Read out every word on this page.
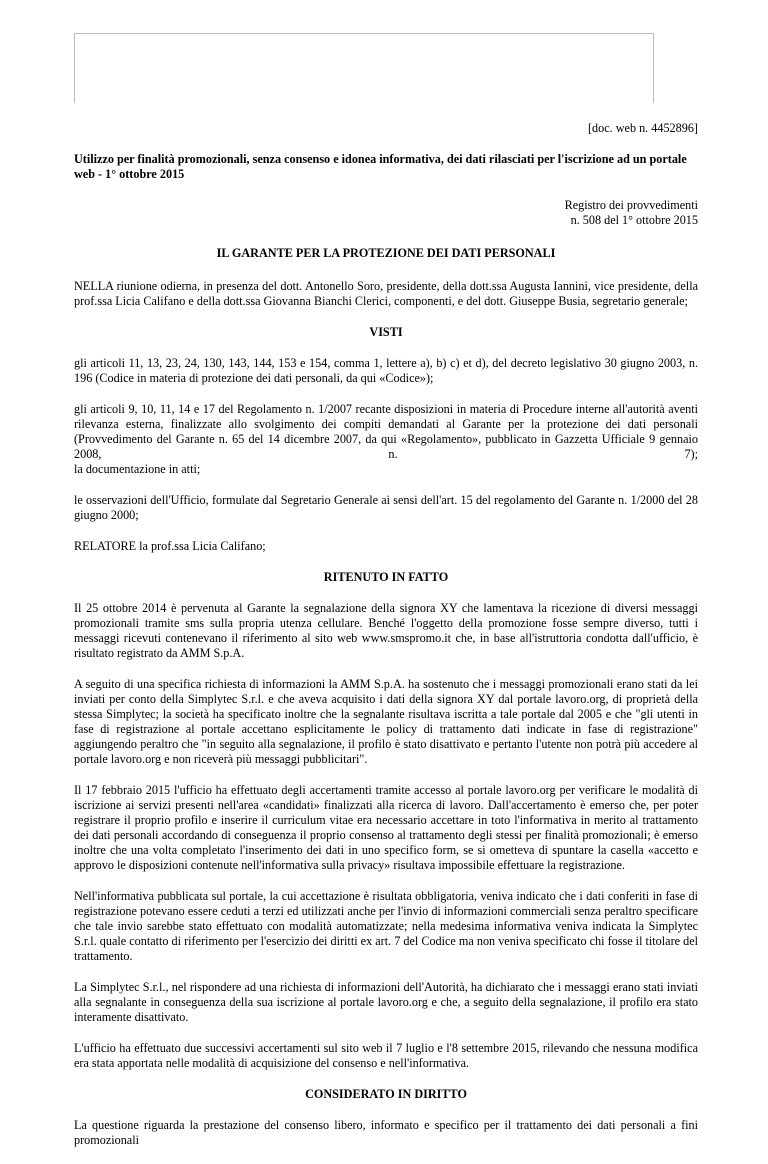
[doc. web n. 4452896]

Utilizzo per finalità promozionali, senza consenso e idonea informativa, dei dati rilasciati per l'iscrizione ad un portale web - 1° ottobre 2015

Registro dei provvedimenti

n. 508 del 1° ottobre 2015

IL GARANTE PER LA PROTEZIONE DEI DATI PERSONALI

NELLA riunione odierna, in presenza del dott. Antonello Soro, presidente, della dott.ssa Augusta Iannini, vice presidente, della prof.ssa Licia Califano e della dott.ssa Giovanna Bianchi Clerici, componenti, e del dott. Giuseppe Busia, segretario generale;

VISTI

gli articoli 11, 13, 23, 24, 130, 143, 144, 153 e 154, comma 1, lettere a), b) c) et d), del decreto legislativo 30 giugno 2003, n. 196 (Codice in materia di protezione dei dati personali, da qui «Codice»);

gli articoli 9, 10, 11, 14 e 17 del Regolamento n. 1/2007 recante disposizioni in materia di Procedure interne all'autorità aventi rilevanza esterna, finalizzate allo svolgimento dei compiti demandati al Garante per la protezione dei dati personali (Provvedimento del Garante n. 65 del 14 dicembre 2007, da qui «Regolamento», pubblicato in Gazzetta Ufficiale 9 gennaio 2008, n. 7);

la documentazione in atti;

le osservazioni dell'Ufficio, formulate dal Segretario Generale ai sensi dell'art. 15 del regolamento del Garante n. 1/2000 del 28 giugno 2000;

RELATORE la prof.ssa Licia Califano;

RITENUTO IN FATTO

Il 25 ottobre 2014 è pervenuta al Garante la segnalazione della signora XY che lamentava la ricezione di diversi messaggi promozionali tramite sms sulla propria utenza cellulare. Benché l'oggetto della promozione fosse sempre diverso, tutti i messaggi ricevuti contenevano il riferimento al sito web www.smspromo.it che, in base all'istruttoria condotta dall'ufficio, è risultato registrato da AMM S.p.A.

A seguito di una specifica richiesta di informazioni la AMM S.p.A. ha sostenuto che i messaggi promozionali erano stati da lei inviati per conto della Simplytec S.r.l. e che aveva acquisito i dati della signora XY dal portale lavoro.org, di proprietà della stessa Simplytec; la società ha specificato inoltre che la segnalante risultava iscritta a tale portale dal 2005 e che "gli utenti in fase di registrazione al portale accettano esplicitamente le policy di trattamento dati indicate in fase di registrazione" aggiungendo peraltro che "in seguito alla segnalazione, il profilo è stato disattivato e pertanto l'utente non potrà più accedere al portale lavoro.org e non riceverà più messaggi pubblicitari".

Il 17 febbraio 2015 l'ufficio ha effettuato degli accertamenti tramite accesso al portale lavoro.org per verificare le modalità di iscrizione ai servizi presenti nell'area «candidati» finalizzati alla ricerca di lavoro. Dall'accertamento è emerso che, per poter registrare il proprio profilo e inserire il curriculum vitae era necessario accettare in toto l'informativa in merito al trattamento dei dati personali accordando di conseguenza il proprio consenso al trattamento degli stessi per finalità promozionali; è emerso inoltre che una volta completato l'inserimento dei dati in uno specifico form, se si ometteva di spuntare la casella «accetto e approvo le disposizioni contenute nell'informativa sulla privacy» risultava impossibile effettuare la registrazione.

Nell'informativa pubblicata sul portale, la cui accettazione è risultata obbligatoria, veniva indicato che i dati conferiti in fase di registrazione potevano essere ceduti a terzi ed utilizzati anche per l'invio di informazioni commerciali senza peraltro specificare che tale invio sarebbe stato effettuato con modalità automatizzate; nella medesima informativa veniva indicata la Simplytec S.r.l. quale contatto di riferimento per l'esercizio dei diritti ex art. 7 del Codice ma non veniva specificato chi fosse il titolare del trattamento.

La Simplytec S.r.l., nel rispondere ad una richiesta di informazioni dell'Autorità, ha dichiarato che i messaggi erano stati inviati alla segnalante in conseguenza della sua iscrizione al portale lavoro.org e che, a seguito della segnalazione, il profilo era stato interamente disattivato.

L'ufficio ha effettuato due successivi accertamenti sul sito web il 7 luglio e l'8 settembre 2015, rilevando che nessuna modifica era stata apportata nelle modalità di acquisizione del consenso e nell'informativa.

CONSIDERATO IN DIRITTO

La questione riguarda la prestazione del consenso libero, informato e specifico per il trattamento dei dati personali a fini promozionali
